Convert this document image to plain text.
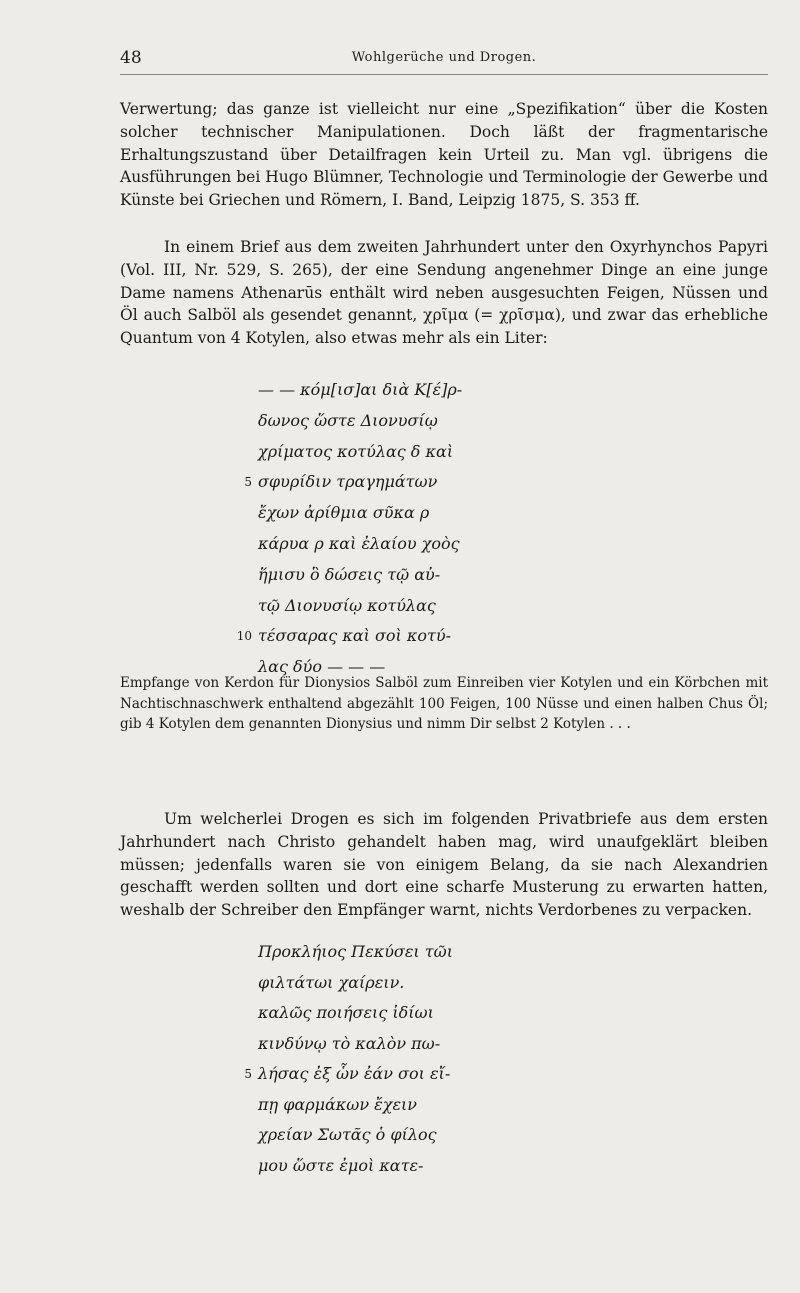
48	Wohlgerüche und Drogen.

Verwertung; das ganze ist vielleicht nur eine „Spezifikation“ über die Kosten solcher technischer Manipulationen. Doch läßt der fragmentarische Erhaltungszustand über Detailfragen kein Urteil zu. Man vgl. übrigens die Ausführungen bei Hugo Blümner, Technologie und Terminologie der Gewerbe und Künste bei Griechen und Römern, I. Band, Leipzig 1875, S. 353 ff.

In einem Brief aus dem zweiten Jahrhundert unter den Oxyrhynchos Papyri (Vol. III, Nr. 529, S. 265), der eine Sendung angenehmer Dinge an eine junge Dame namens Athenarūs enthält wird neben ausgesuchten Feigen, Nüssen und Öl auch Salböl als gesendet genannt, χρῖμα (= χρῖσμα), und zwar das erhebliche Quantum von 4 Kotylen, also etwas mehr als ein Liter:

— — κόμ[ισ]αι διὰ Κ[έ]ρ-
δωνος ὥστε Διονυσίῳ
χρίματος κοτύλας δ καὶ
5 σφυρίδιν τραγημάτων
ἔχων ἀρίθμια σῦκα ρ
κάρυα ρ καὶ ἐλαίου χοὸς
ἥμισυ ὃ δώσεις τῷ αὐ-
τῷ Διονυσίῳ κοτύλας
10 τέσσαρας καὶ σοὶ κοτύ-
λας δύο — — —

Empfange von Kerdon für Dionysios Salböl zum Einreiben vier Kotylen und ein Körbchen mit Nachtischnaschwerk enthaltend abgezählt 100 Feigen, 100 Nüsse und einen halben Chus Öl; gib 4 Kotylen dem genannten Dionysius und nimm Dir selbst 2 Kotylen . . .

Um welcherlei Drogen es sich im folgenden Privatbriefe aus dem ersten Jahrhundert nach Christo gehandelt haben mag, wird unaufgeklärt bleiben müssen; jedenfalls waren sie von einigem Belang, da sie nach Alexandrien geschafft werden sollten und dort eine scharfe Musterung zu erwarten hatten, weshalb der Schreiber den Empfänger warnt, nichts Verdorbenes zu verpacken.

Προκλήιος Πεκύσει τῶι
φιλτάτωι χαίρειν.
καλῶς ποιήσεις ἰδίωι
κινδύνῳ τὸ καλὸν πω-
5 λήσας ἐξ ὧν ἐάν σοι εἴ-
πῃ φαρμάκων ἔχειν
χρείαν Σωτᾶς ὁ φίλος
μου ὥστε ἐμοὶ κατε-
